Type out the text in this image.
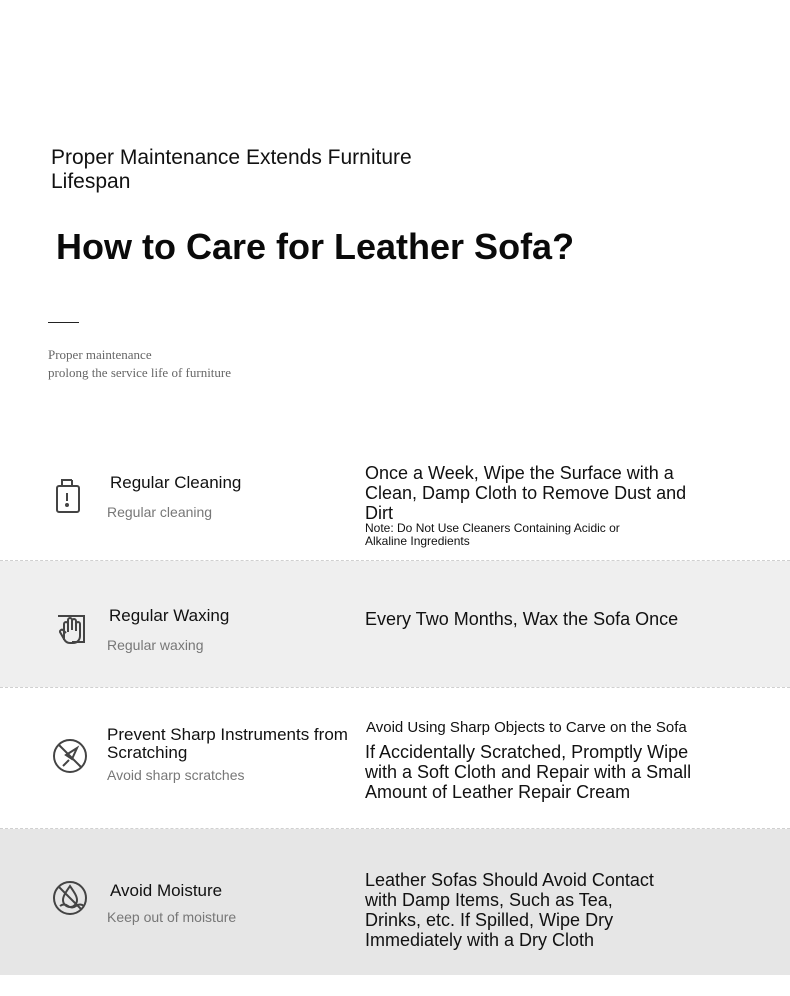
Proper Maintenance Extends Furniture Lifespan
How to Care for Leather Sofa?
Proper maintenance
prolong the service life of furniture
Regular Cleaning
Regular cleaning
Once a Week, Wipe the Surface with a Clean, Damp Cloth to Remove Dust and Dirt
Note: Do Not Use Cleaners Containing Acidic or Alkaline Ingredients
Regular Waxing
Regular waxing
Every Two Months, Wax the Sofa Once
Prevent Sharp Instruments from Scratching
Avoid sharp scratches
Avoid Using Sharp Objects to Carve on the Sofa
If Accidentally Scratched, Promptly Wipe with a Soft Cloth and Repair with a Small Amount of Leather Repair Cream
Avoid Moisture
Keep out of moisture
Leather Sofas Should Avoid Contact with Damp Items, Such as Tea, Drinks, etc. If Spilled, Wipe Dry Immediately with a Dry Cloth
